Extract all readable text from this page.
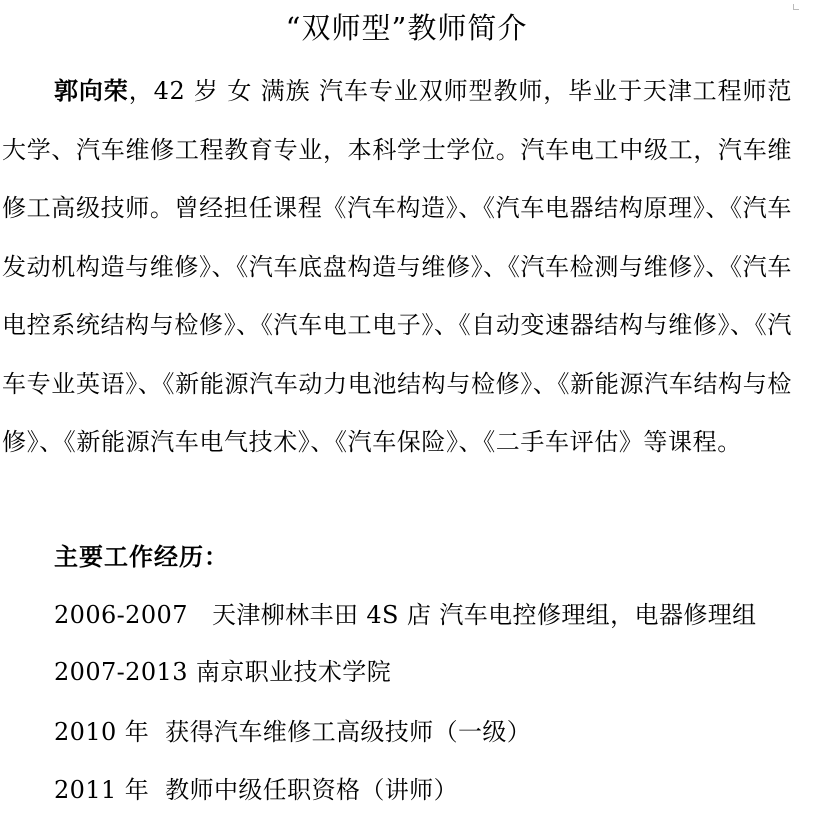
“双师型”教师简介
郭向荣，42 岁 女 满族 汽车专业双师型教师，毕业于天津工程师范大学、汽车维修工程教育专业，本科学士学位。汽车电工中级工，汽车维修工高级技师。曾经担任课程《汽车构造》、《汽车电器结构原理》、《汽车发动机构造与维修》、《汽车底盘构造与维修》、《汽车检测与维修》、《汽车电控系统结构与检修》、《汽车电工电子》、《自动变速器结构与维修》、《汽车专业英语》、《新能源汽车动力电池结构与检修》、《新能源汽车结构与检修》、《新能源汽车电气技术》、《汽车保险》、《二手车评估》等课程。
主要工作经历：
2006-2007   天津柳林丰田 4S 店 汽车电控修理组，电器修理组
2007-2013 南京职业技术学院
2010 年  获得汽车维修工高级技师（一级）
2011 年  教师中级任职资格（讲师）
